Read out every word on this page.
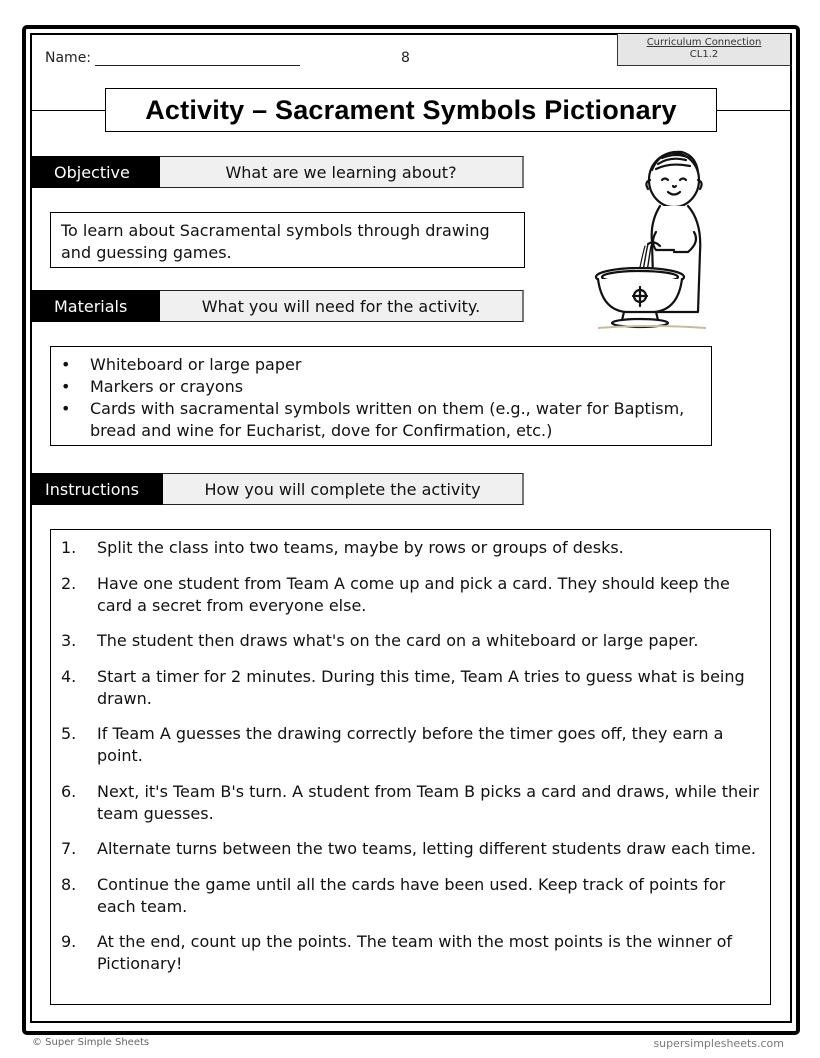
Name:	8
Curriculum Connection
CL1.2
Activity – Sacrament Symbols Pictionary
Objective	What are we learning about?
To learn about Sacramental symbols through drawing and guessing games.
Materials	What you will need for the activity.
• Whiteboard or large paper
• Markers or crayons
• Cards with sacramental symbols written on them (e.g., water for Baptism, bread and wine for Eucharist, dove for Confirmation, etc.)
Instructions	How you will complete the activity
1. Split the class into two teams, maybe by rows or groups of desks.
2. Have one student from Team A come up and pick a card. They should keep the card a secret from everyone else.
3. The student then draws what's on the card on a whiteboard or large paper.
4. Start a timer for 2 minutes. During this time, Team A tries to guess what is being drawn.
5. If Team A guesses the drawing correctly before the timer goes off, they earn a point.
6. Next, it's Team B's turn. A student from Team B picks a card and draws, while their team guesses.
7. Alternate turns between the two teams, letting different students draw each time.
8. Continue the game until all the cards have been used. Keep track of points for each team.
9. At the end, count up the points. The team with the most points is the winner of Pictionary!
© Super Simple Sheets	supersimplesheets.com
